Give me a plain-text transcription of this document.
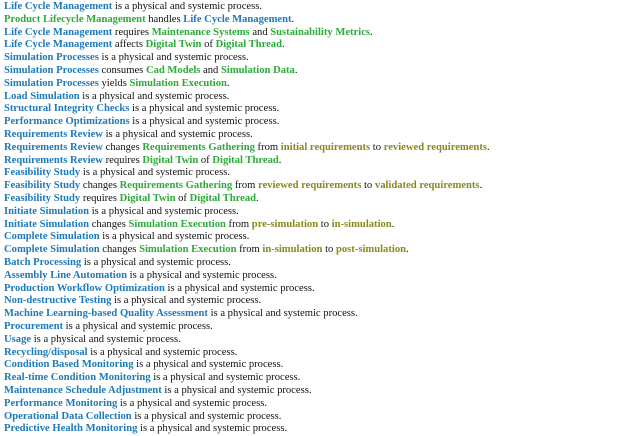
Life Cycle Management is a physical and systemic process.
Product Lifecycle Management handles Life Cycle Management.
Life Cycle Management requires Maintenance Systems and Sustainability Metrics.
Life Cycle Management affects Digital Twin of Digital Thread.
Simulation Processes is a physical and systemic process.
Simulation Processes consumes Cad Models and Simulation Data.
Simulation Processes yields Simulation Execution.
Load Simulation is a physical and systemic process.
Structural Integrity Checks is a physical and systemic process.
Performance Optimizations is a physical and systemic process.
Requirements Review is a physical and systemic process.
Requirements Review changes Requirements Gathering from initial requirements to reviewed requirements.
Requirements Review requires Digital Twin of Digital Thread.
Feasibility Study is a physical and systemic process.
Feasibility Study changes Requirements Gathering from reviewed requirements to validated requirements.
Feasibility Study requires Digital Twin of Digital Thread.
Initiate Simulation is a physical and systemic process.
Initiate Simulation changes Simulation Execution from pre-simulation to in-simulation.
Complete Simulation is a physical and systemic process.
Complete Simulation changes Simulation Execution from in-simulation to post-simulation.
Batch Processing is a physical and systemic process.
Assembly Line Automation is a physical and systemic process.
Production Workflow Optimization is a physical and systemic process.
Non-destructive Testing is a physical and systemic process.
Machine Learning-based Quality Assessment is a physical and systemic process.
Procurement is a physical and systemic process.
Usage is a physical and systemic process.
Recycling/disposal is a physical and systemic process.
Condition Based Monitoring is a physical and systemic process.
Real-time Condition Monitoring is a physical and systemic process.
Maintenance Schedule Adjustment is a physical and systemic process.
Performance Monitoring is a physical and systemic process.
Operational Data Collection is a physical and systemic process.
Predictive Health Monitoring is a physical and systemic process.
